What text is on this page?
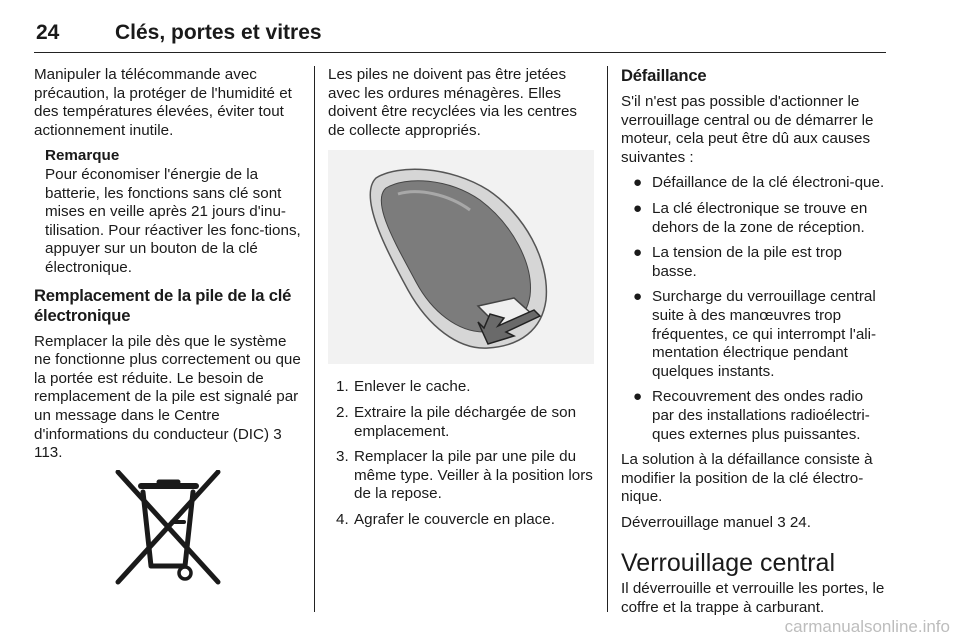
24	Clés, portes et vitres

Manipuler la télécommande avec précaution, la protéger de l'humidité et des températures élevées, éviter tout actionnement inutile.

Remarque
Pour économiser l'énergie de la batterie, les fonctions sans clé sont mises en veille après 21 jours d'inu-tilisation. Pour réactiver les fonc-tions, appuyer sur un bouton de la clé électronique.
Remplacement de la pile de la clé électronique

Remplacer la pile dès que le système ne fonctionne plus correctement ou que la portée est réduite. Le besoin de remplacement de la pile est signalé par un message dans le Centre d'informations du conducteur (DIC) 3 113.

Les piles ne doivent pas être jetées avec les ordures ménagères. Elles doivent être recyclées via les centres de collecte appropriés.

1. Enlever le cache.
2. Extraire la pile déchargée de son emplacement.
3. Remplacer la pile par une pile du même type. Veiller à la position lors de la repose.
4. Agrafer le couvercle en place.
Défaillance

S'il n'est pas possible d'actionner le verrouillage central ou de démarrer le moteur, cela peut être dû aux causes suivantes :

● Défaillance de la clé électroni-que.
● La clé électronique se trouve en dehors de la zone de réception.
● La tension de la pile est trop basse.
● Surcharge du verrouillage central suite à des manœuvres trop fréquentes, ce qui interrompt l'ali-mentation électrique pendant quelques instants.
● Recouvrement des ondes radio par des installations radioélectri-ques externes plus puissantes.

La solution à la défaillance consiste à modifier la position de la clé électro-nique.

Déverrouillage manuel 3 24.

Verrouillage central

Il déverrouille et verrouille les portes, le coffre et la trappe à carburant.

carmanualsonline.info
